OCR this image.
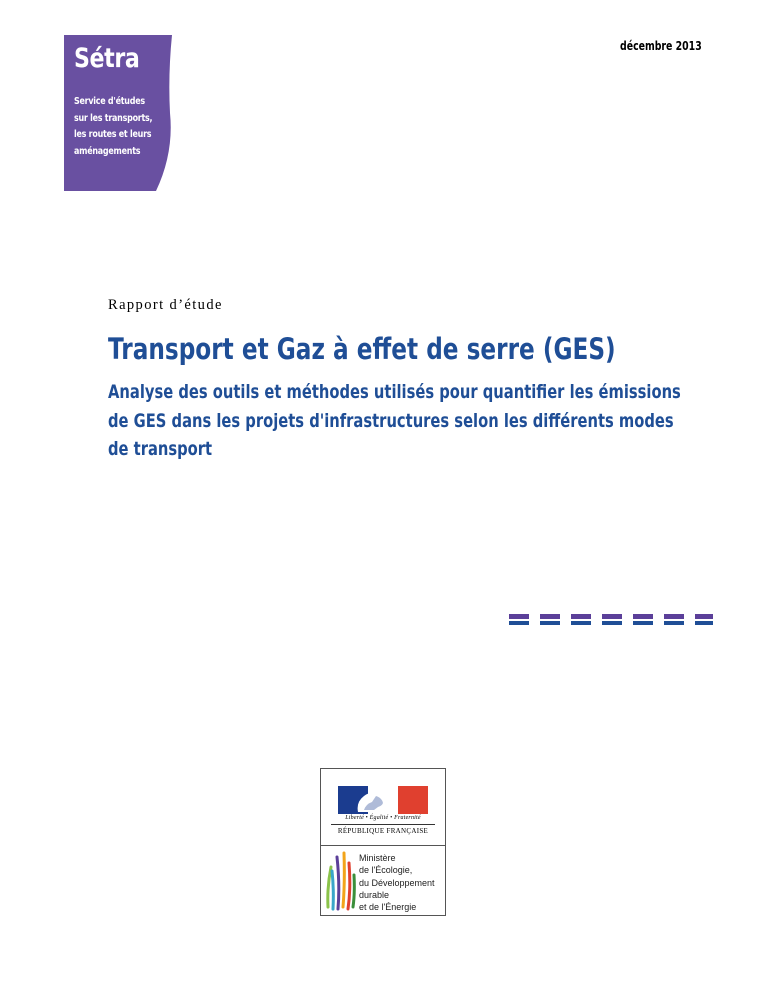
Sétra
Service d'études
sur les transports,
les routes et leurs
aménagements
décembre 2013
Rapport d’étude
Transport et Gaz à effet de serre (GES)
Analyse des outils et méthodes utilisés pour quantifier les émissions
de GES dans les projets d'infrastructures selon les différents modes
de transport
Liberté • Égalité • Fraternité
RÉPUBLIQUE FRANÇAISE
Ministère
de l'Écologie,
du Développement
durable
et de l'Énergie
